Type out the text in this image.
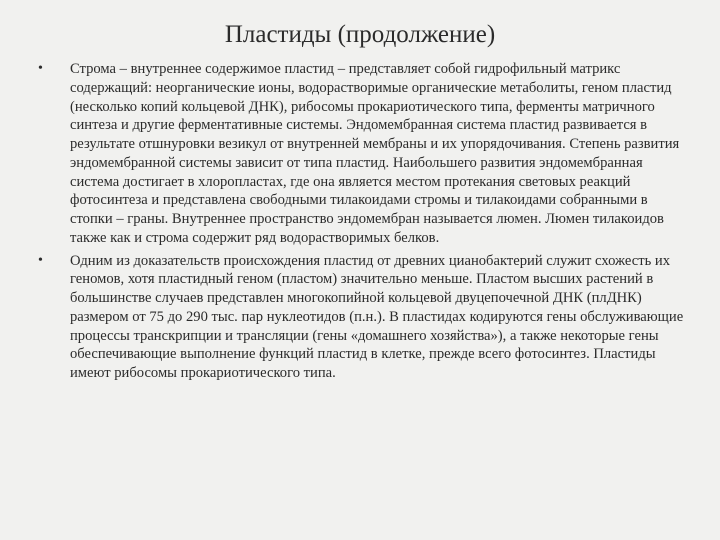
Пластиды (продолжение)
• Строма – внутреннее содержимое пластид – представляет собой гидрофильный матрикс содержащий: неорганические ионы, водорастворимые органические метаболиты, геном пластид (несколько копий кольцевой ДНК), рибосомы прокариотического типа, ферменты матричного синтеза и другие ферментативные системы. Эндомембранная система пластид развивается в результате отшнуровки везикул от внутренней мембраны и их упорядочивания. Степень развития эндомембранной системы зависит от типа пластид. Наибольшего развития эндомембранная система достигает в хлоропластах, где она является местом протекания световых реакций фотосинтеза и представлена свободными тилакоидами стромы и тилакоидами собранными в стопки – граны. Внутреннее пространство эндомембран называется люмен. Люмен тилакоидов также как и строма содержит ряд водорастворимых белков.
• Одним из доказательств происхождения пластид от древних цианобактерий служит схожесть их геномов, хотя пластидный геном (пластом) значительно меньше. Пластом высших растений в большинстве случаев представлен многокопийной кольцевой двуцепочечной ДНК (плДНК) размером от 75 до 290 тыс. пар нуклеотидов (п.н.). В пластидах кодируются гены обслуживающие процессы транскрипции и трансляции (гены «домашнего хозяйства»), а также некоторые гены обеспечивающие выполнение функций пластид в клетке, прежде всего фотосинтез. Пластиды имеют рибосомы прокариотического типа.
